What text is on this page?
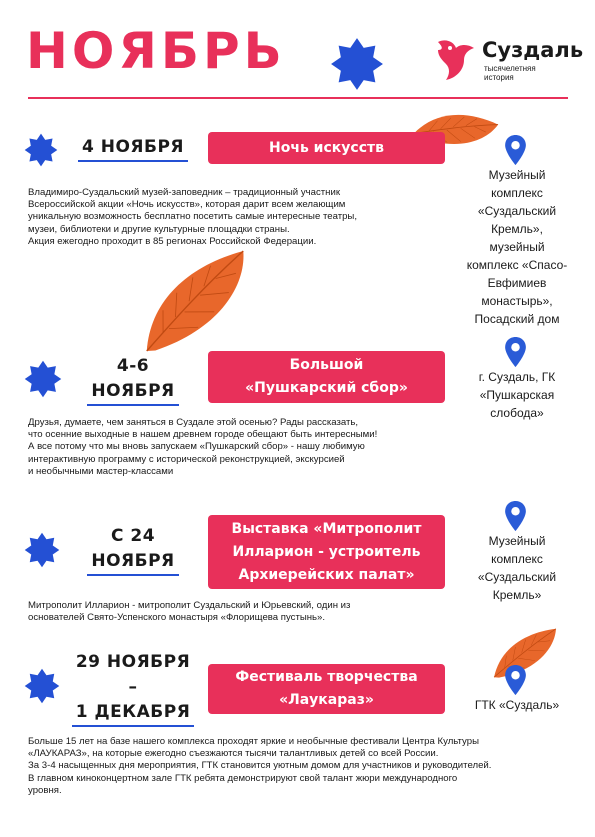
НОЯБРЬ	Суздаль
тысячелетняя
история
4 НОЯБРЯ	Ночь искусств
Владимиро-Суздальский музей-заповедник – традиционный участник
Всероссийской акции «Ночь искусств», которая дарит всем желающим
уникальную возможность бесплатно посетить самые интересные театры,
музеи, библиотеки и другие культурные площадки страны.
Акция ежегодно проходит в 85 регионах Российской Федерации.
Музейный
комплекс
«Суздальский
Кремль»,
музейный
комплекс «Спасо-
Евфимиев
монастырь»,
Посадский дом
4-6
НОЯБРЯ
Большой
«Пушкарский сбор»
Друзья, думаете, чем заняться в Суздале этой осенью? Рады рассказать,
что осенние выходные в нашем древнем городе обещают быть интересными!
А все потому что мы вновь запускаем «Пушкарский сбор» - нашу любимую
интерактивную программу с исторической реконструкцией, экскурсией
и необычными мастер-классами
г. Суздаль, ГК
«Пушкарская
слобода»
С 24
НОЯБРЯ
Выставка «Митрополит
Илларион - устроитель
Архиерейских палат»
Митрополит Илларион - митрополит Суздальский и Юрьевский, один из
основателей Свято-Успенского монастыря «Флорищева пустынь».
Музейный
комплекс
«Суздальский
Кремль»
29 НОЯБРЯ
–
1 ДЕКАБРЯ
Фестиваль творчества
«Лаукараз»
Больше 15 лет на базе нашего комплекса проходят яркие и необычные фестивали Центра Культуры
«ЛАУКАРАЗ», на которые ежегодно съезжаются тысячи талантливых детей со всей России.
За 3-4 насыщенных дня мероприятия, ГТК становится уютным домом для участников и руководителей.
В главном киноконцертном зале ГТК ребята демонстрируют свой талант жюри международного
уровня.
ГТК «Суздаль»
